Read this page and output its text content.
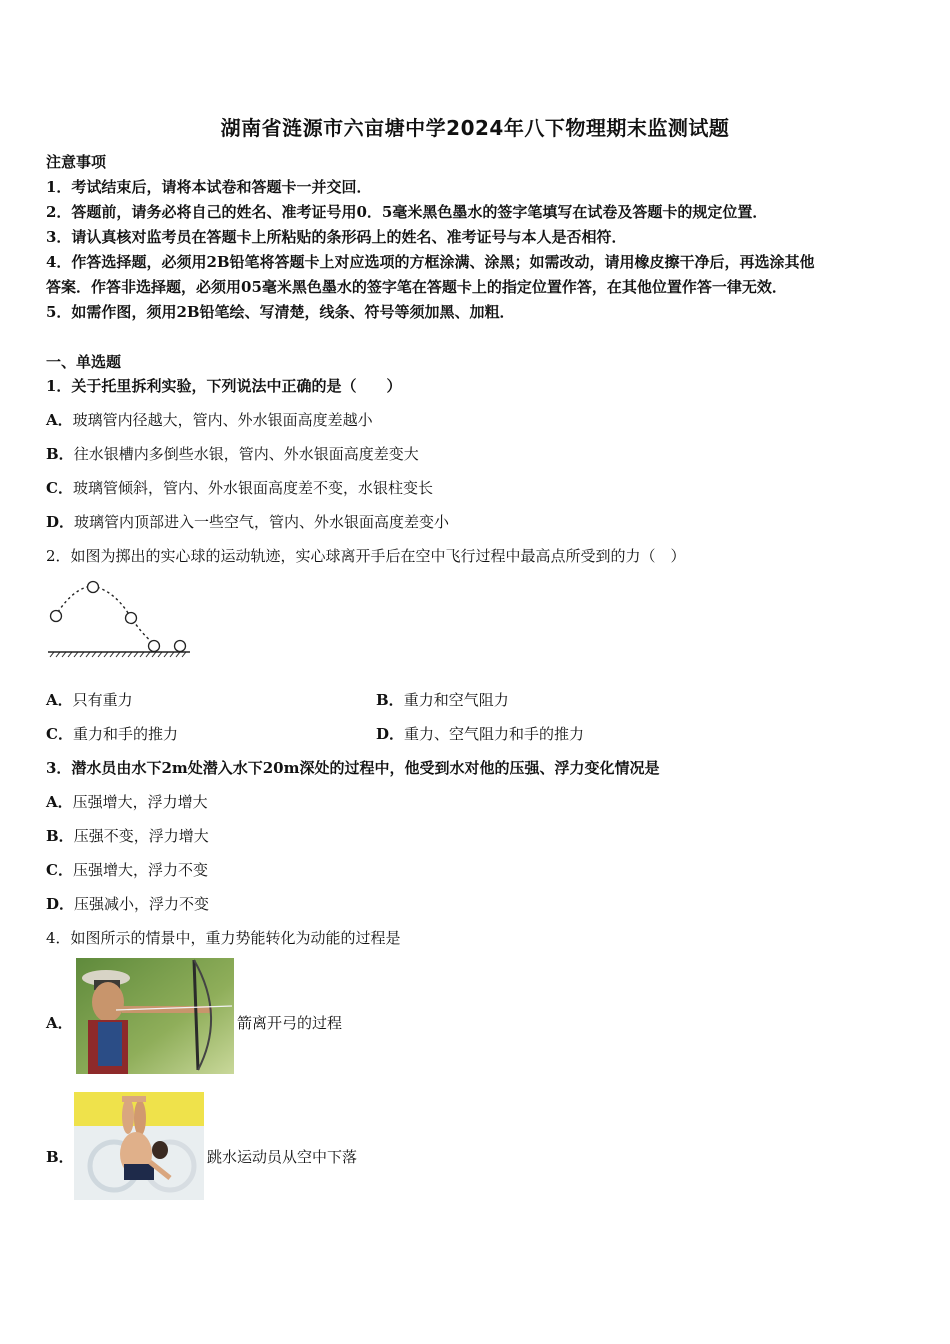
湖南省涟源市六亩塘中学2024年八下物理期末监测试题
注意事项
1．考试结束后，请将本试卷和答题卡一并交回．
2．答题前，请务必将自己的姓名、准考证号用0．5毫米黑色墨水的签字笔填写在试卷及答题卡的规定位置．
3．请认真核对监考员在答题卡上所粘贴的条形码上的姓名、准考证号与本人是否相符．
4．作答选择题，必须用2B铅笔将答题卡上对应选项的方框涂满、涂黑；如需改动，请用橡皮擦干净后，再选涂其他
答案．作答非选择题，必须用05毫米黑色墨水的签字笔在答题卡上的指定位置作答，在其他位置作答一律无效．
5．如需作图，须用2B铅笔绘、写清楚，线条、符号等须加黑、加粗．
一、单选题
1．关于托里拆利实验，下列说法中正确的是（　　）
A．玻璃管内径越大，管内、外水银面高度差越小
B．往水银槽内多倒些水银，管内、外水银面高度差变大
C．玻璃管倾斜，管内、外水银面高度差不变，水银柱变长
D．玻璃管内顶部进入一些空气，管内、外水银面高度差变小
2．如图为掷出的实心球的运动轨迹，实心球离开手后在空中飞行过程中最高点所受到的力（　）
A．只有重力	B．重力和空气阻力
C．重力和手的推力	D．重力、空气阻力和手的推力
3．潜水员由水下2m处潜入水下20m深处的过程中，他受到水对他的压强、浮力变化情况是
A．压强增大，浮力增大
B．压强不变，浮力增大
C．压强增大，浮力不变
D．压强减小，浮力不变
4．如图所示的情景中，重力势能转化为动能的过程是
A．	箭离开弓的过程
B．	跳水运动员从空中下落
